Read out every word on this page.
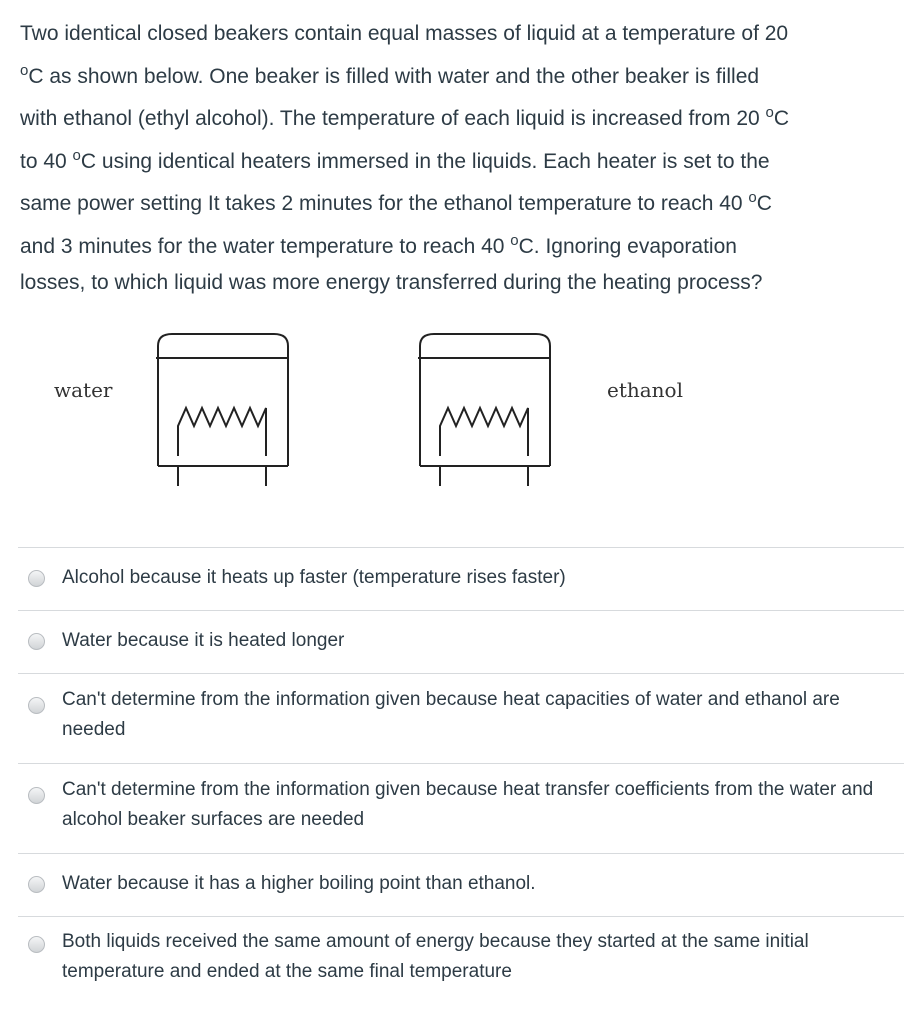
Two identical closed beakers contain equal masses of liquid at a temperature of 20
$^o$C as shown below. One beaker is filled with water and the other beaker is filled
with ethanol (ethyl alcohol). The temperature of each liquid is increased from 20 $^o$C
to 40 $^o$C using identical heaters immersed in the liquids. Each heater is set to the
same power setting It takes 2 minutes for the ethanol temperature to reach 40 $^o$C
and 3 minutes for the water temperature to reach 40 $^o$C. Ignoring evaporation
losses, to which liquid was more energy transferred during the heating process?
water	ethanol
Alcohol because it heats up faster (temperature rises faster)
Water because it is heated longer
Can't determine from the information given because heat capacities of water and ethanol are needed
Can't determine from the information given because heat transfer coefficients from the water and alcohol beaker surfaces are needed
Water because it has a higher boiling point than ethanol.
Both liquids received the same amount of energy because they started at the same initial temperature and ended at the same final temperature
